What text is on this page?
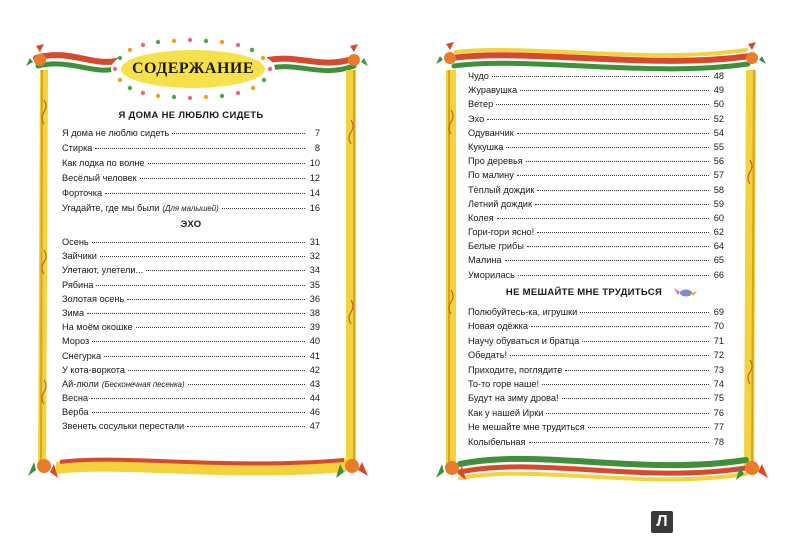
СОДЕРЖАНИЕ
Я ДОМА НЕ ЛЮБЛЮ СИДЕТЬ
Я дома не люблю сидеть	7
Стирка	8
Как лодка по волне	10
Весёлый человек	12
Форточка	14
Угадайте, где мы были (Для малышей)	16
ЭХО
Осень	31
Зайчики	32
Улетают, улетели...	34
Рябина	35
Золотая осень	36
Зима	38
На моём окошке	39
Мороз	40
Снегурка	41
У кота-воркота	42
Ай-люли (Бесконечная песенка)	43
Весна	44
Верба	46
Звенеть сосульки перестали	47
Чудо	48
Журавушка	49
Ветер	50
Эхо	52
Одуванчик	54
Кукушка	55
Про деревья	56
По малину	57
Тёплый дождик	58
Летний дождик	59
Колея	60
Гори-гори ясно!	62
Белые грибы	64
Малина	65
Уморилась	66
НЕ МЕШАЙТЕ МНЕ ТРУДИТЬСЯ
Полюбуйтесь-ка, игрушки	69
Новая одёжка	70
Научу обуваться и братца	71
Обедать!	72
Приходите, поглядите	73
То-то горе наше!	74
Будут на зиму дрова!	75
Как у нашей Ирки	76
Не мешайте мне трудиться	77
Колыбельная	78
Л
